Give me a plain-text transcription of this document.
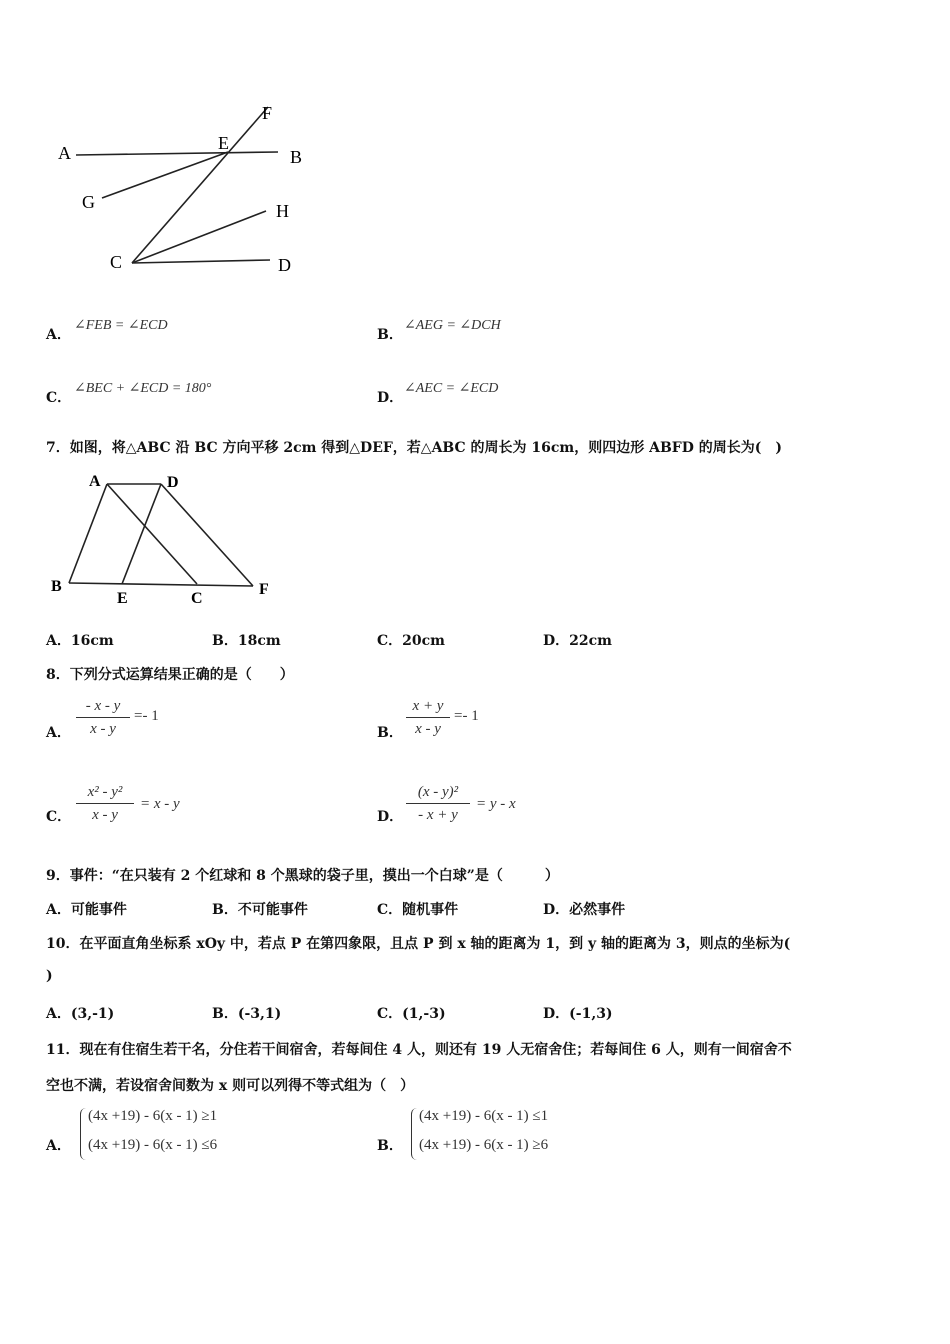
A	E
F
B
G	H
C	D
A．
∠FEB = ∠ECD
B．
∠AEG = ∠DCH
C．
∠BEC + ∠ECD = 180°
D．
∠AEC = ∠ECD
7．如图，将△ABC 沿 BC 方向平移 2cm 得到△DEF，若△ABC 的周长为 16cm，则四边形 ABFD 的周长为(　)
A	D
B
E	C
F
A．16cm	B．18cm	C．20cm	D．22cm
8．下列分式运算结果正确的是（　　）
A．
- x - y
x - y
=- 1
B．
x + y
x - y
=- 1
C．
x² - y²
x - y
= x - y
D．
(x - y)²
- x + y
= y - x
9．事件：“在只装有 2 个红球和 8 个黑球的袋子里，摸出一个白球”是（　　　）
A．可能事件	B．不可能事件	C．随机事件	D．必然事件
10．在平面直角坐标系 xOy 中，若点 P 在第四象限，且点 P 到 x 轴的距离为 1，到 y 轴的距离为 3，则点的坐标为(
)
A．(3,-1)	B．(-3,1)	C．(1,-3)	D．(-1,3)
11．现在有住宿生若干名，分住若干间宿舍，若每间住 4 人，则还有 19 人无宿舍住；若每间住 6 人，则有一间宿舍不
空也不满，若设宿舍间数为 x 则可以列得不等式组为（　）
A．
(4x +19) - 6(x - 1) ≥1
(4x +19) - 6(x - 1) ≤6	B．
(4x +19) - 6(x - 1) ≤1
(4x +19) - 6(x - 1) ≥6
